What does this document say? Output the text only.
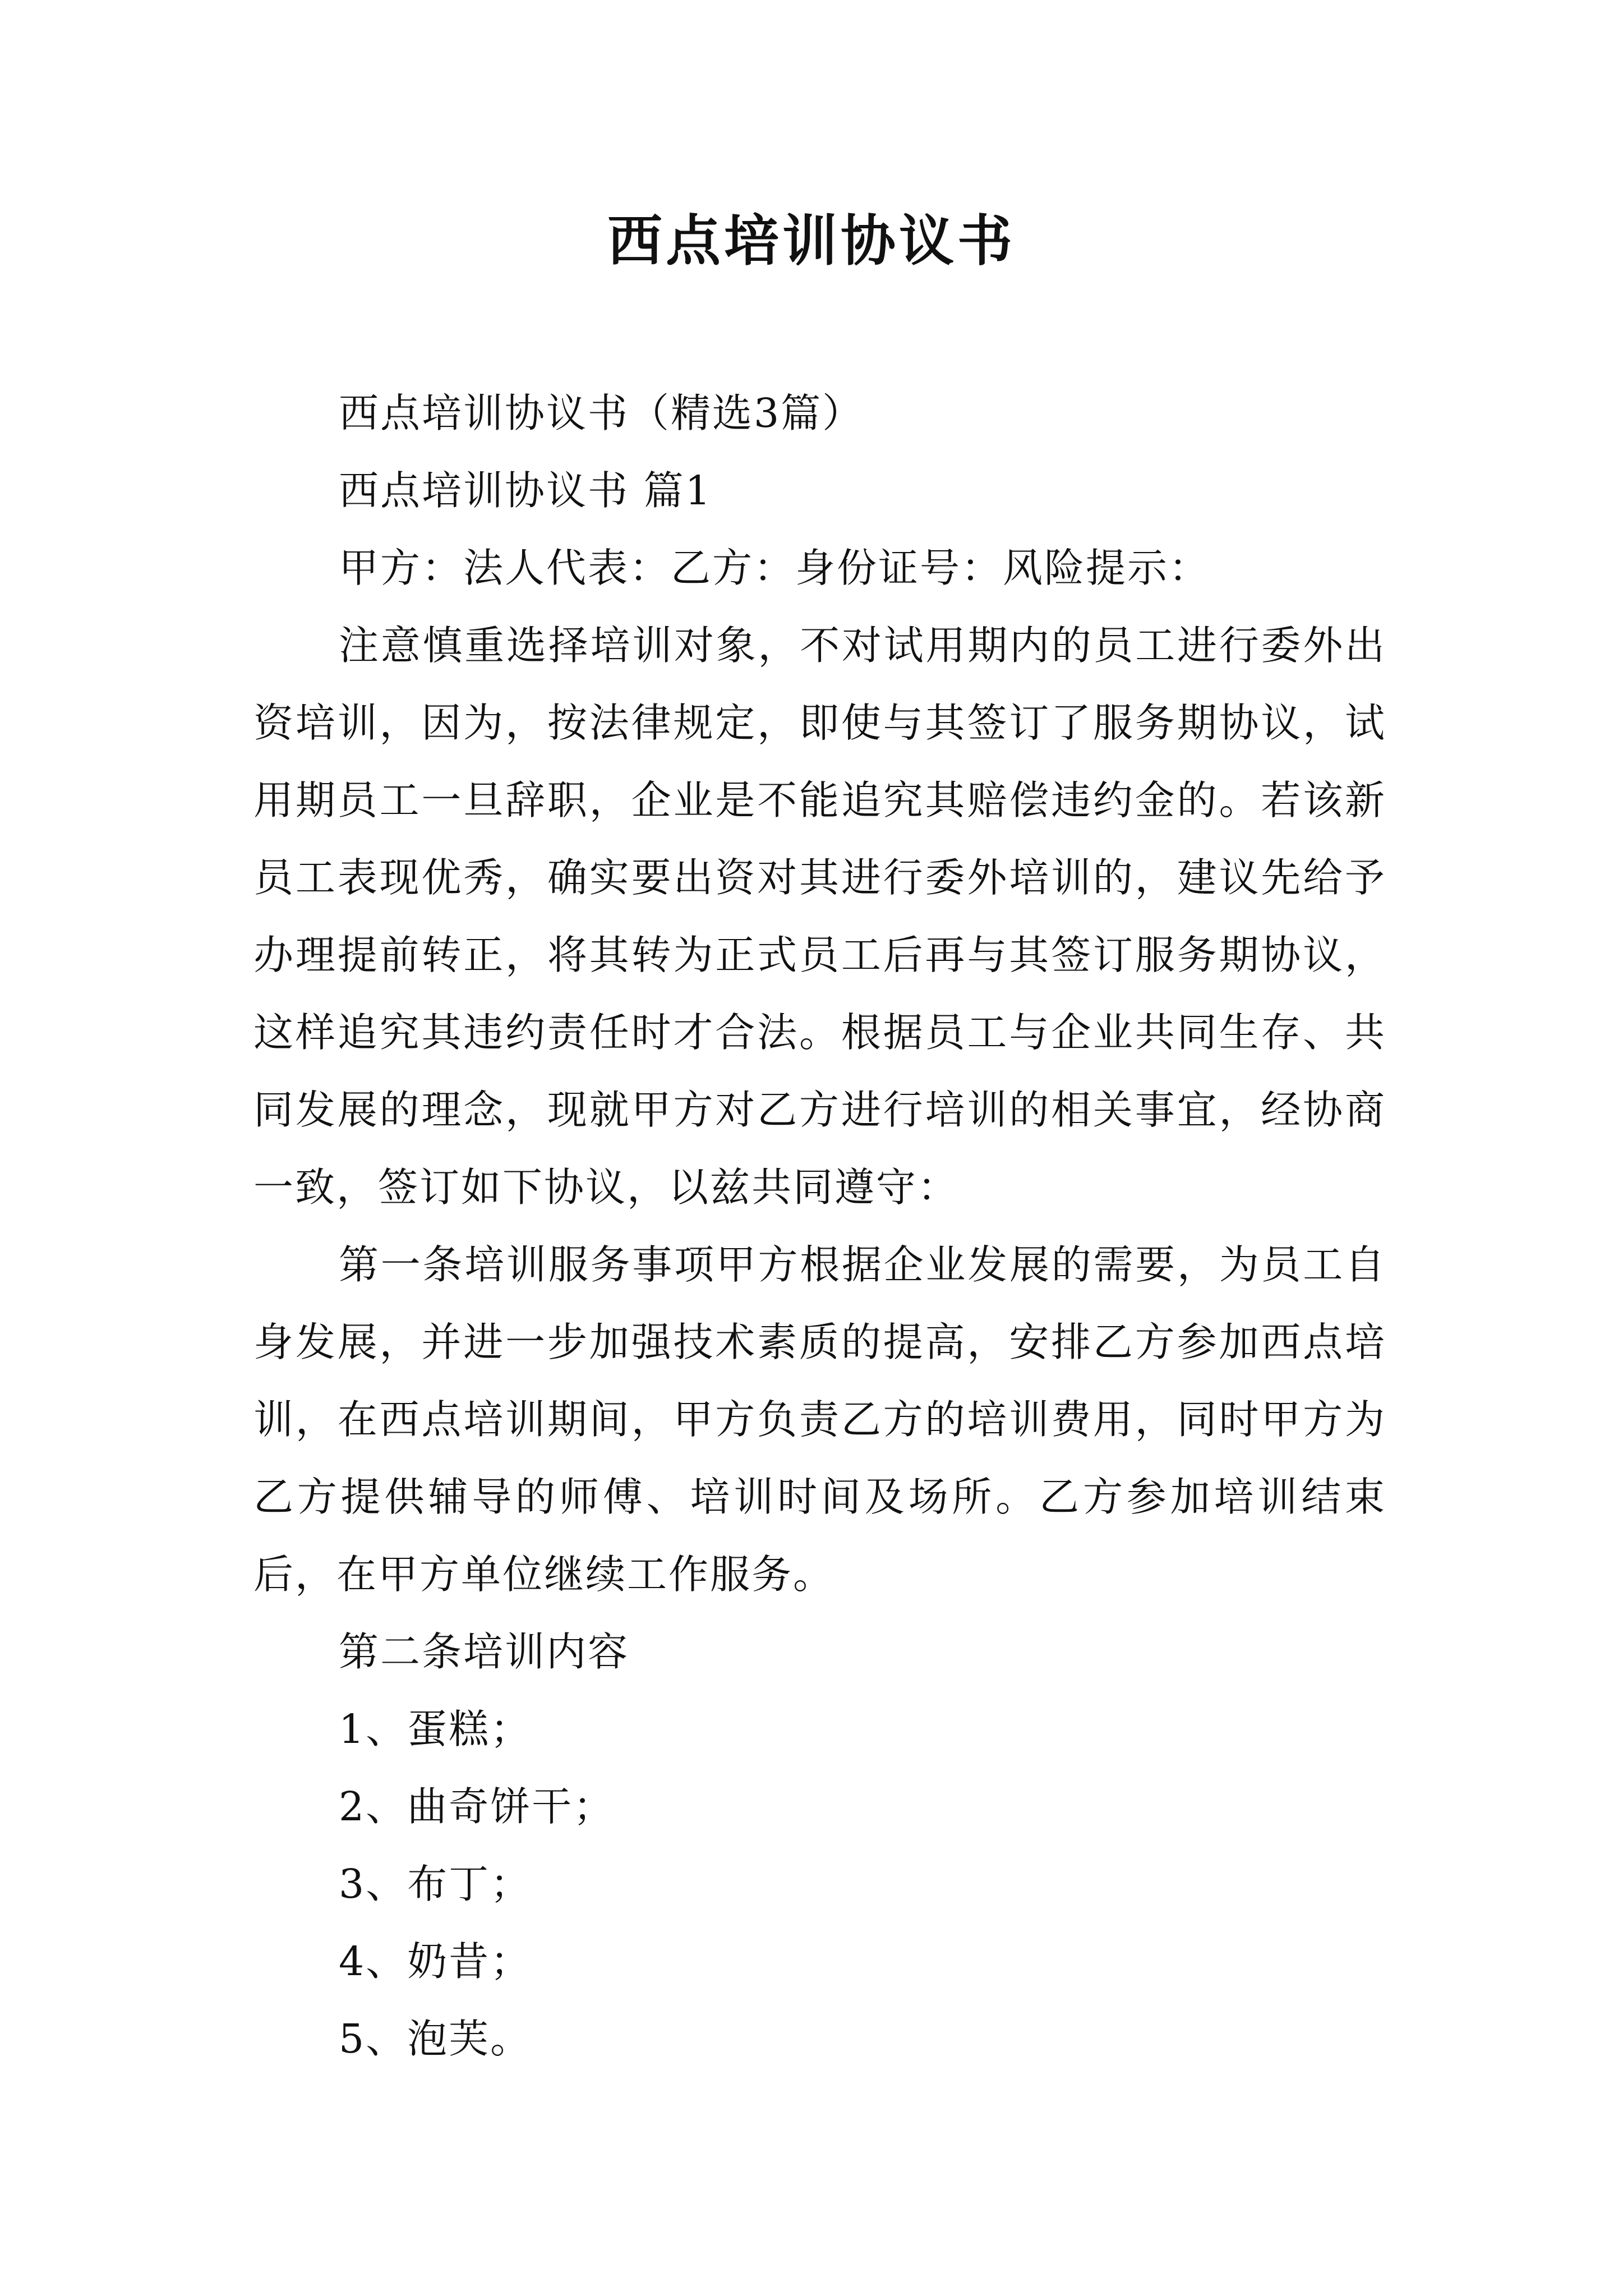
西点培训协议书

西点培训协议书（精选3篇）

西点培训协议书 篇1

甲方：法人代表：乙方：身份证号：风险提示：

注意慎重选择培训对象，不对试用期内的员工进行委外出资培训，因为，按法律规定，即使与其签订了服务期协议，试用期员工一旦辞职，企业是不能追究其赔偿违约金的。若该新员工表现优秀，确实要出资对其进行委外培训的，建议先给予办理提前转正，将其转为正式员工后再与其签订服务期协议，这样追究其违约责任时才合法。根据员工与企业共同生存、共同发展的理念，现就甲方对乙方进行培训的相关事宜，经协商一致，签订如下协议，以兹共同遵守：

第一条培训服务事项甲方根据企业发展的需要，为员工自身发展，并进一步加强技术素质的提高，安排乙方参加西点培训，在西点培训期间，甲方负责乙方的培训费用，同时甲方为乙方提供辅导的师傅、培训时间及场所。乙方参加培训结束后，在甲方单位继续工作服务。

第二条培训内容

1、蛋糕；

2、曲奇饼干；

3、布丁；

4、奶昔；

5、泡芙。
